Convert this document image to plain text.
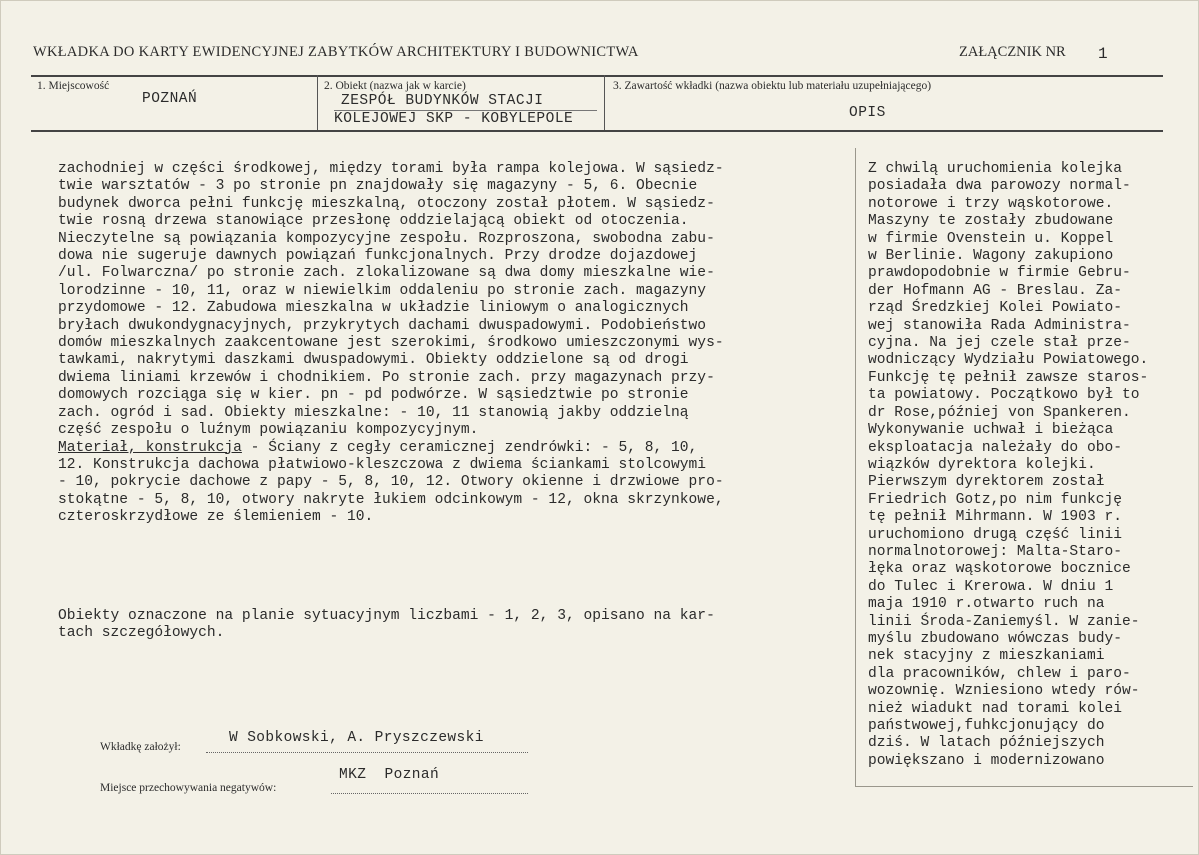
WKŁADKA DO KARTY EWIDENCYJNEJ ZABYTKÓW ARCHITEKTURY I BUDOWNICTWA	ZAŁĄCZNIK NR 1
1. Miejscowość
POZNAŃ
2. Obiekt (nazwa jak w karcie)
ZESPÓŁ BUDYNKÓW STACJI
KOLEJOWEJ SKP - KOBYLEPOLE
3. Zawartość wkładki (nazwa obiektu lub materiału uzupełniającego)
OPIS
zachodniej w części środkowej, między torami była rampa kolejowa. W sąsiedz-
twie warsztatów - 3 po stronie pn znajdowały się magazyny - 5, 6. Obecnie
budynek dworca pełni funkcję mieszkalną, otoczony został płotem. W sąsiedz-
twie rosną drzewa stanowiące przesłonę oddzielającą obiekt od otoczenia.
Nieczytelne są powiązania kompozycyjne zespołu. Rozproszona, swobodna zabu-
dowa nie sugeruje dawnych powiązań funkcjonalnych. Przy drodze dojazdowej
/ul. Folwarczna/ po stronie zach. zlokalizowane są dwa domy mieszkalne wie-
lorodzinne - 10, 11, oraz w niewielkim oddaleniu po stronie zach. magazyny
przydomowe - 12. Zabudowa mieszkalna w układzie liniowym o analogicznych
bryłach dwukondygnacyjnych, przykrytych dachami dwuspadowymi. Podobieństwo
domów mieszkalnych zaakcentowane jest szerokimi, środkowo umieszczonymi wys-
tawkami, nakrytymi daszkami dwuspadowymi. Obiekty oddzielone są od drogi
dwiema liniami krzewów i chodnikiem. Po stronie zach. przy magazynach przy-
domowych rozciąga się w kier. pn - pd podwórze. W sąsiedztwie po stronie
zach. ogród i sad. Obiekty mieszkalne: - 10, 11 stanowią jakby oddzielną
część zespołu o luźnym powiązaniu kompozycyjnym.
Materiał, konstrukcja - Ściany z cegły ceramicznej zendrówki: - 5, 8, 10,
12. Konstrukcja dachowa płatwiowo-kleszczowa z dwiema ściankami stolcowymi
- 10, pokrycie dachowe z papy - 5, 8, 10, 12. Otwory okienne i drzwiowe pro-
stokątne - 5, 8, 10, otwory nakryte łukiem odcinkowym - 12, okna skrzynkowe,
czteroskrzydłowe ze ślemieniem - 10.
Obiekty oznaczone na planie sytuacyjnym liczbami - 1, 2, 3, opisano na kar-
tach szczegółowych.
Z chwilą uruchomienia kolejka
posiadała dwa parowozy normal-
notorowe i trzy wąskotorowe.
Maszyny te zostały zbudowane
w firmie Ovenstein u. Koppel
w Berlinie. Wagony zakupiono
prawdopodobnie w firmie Gebru-
der Hofmann AG - Breslau. Za-
rząd Średzkiej Kolei Powiato-
wej stanowiła Rada Administra-
cyjna. Na jej czele stał prze-
wodniczący Wydziału Powiatowego.
Funkcję tę pełnił zawsze staros-
ta powiatowy. Początkowo był to
dr Rose,później von Spankeren.
Wykonywanie uchwał i bieżąca
eksploatacja należały do obo-
wiązków dyrektora kolejki.
Pierwszym dyrektorem został
Friedrich Gotz,po nim funkcję
tę pełnił Mihrmann. W 1903 r.
uruchomiono drugą część linii
normalnotorowej: Malta-Staro-
łęka oraz wąskotorowe bocznice
do Tulec i Krerowa. W dniu 1
maja 1910 r.otwarto ruch na
linii Środa-Zaniemyśl. W zanie-
myślu zbudowano wówczas budy-
nek stacyjny z mieszkaniami
dla pracowników, chlew i paro-
wozownię. Wzniesiono wtedy rów-
nież wiadukt nad torami kolei
państwowej,fuhkcjonujący do
dziś. W latach późniejszych
powiększano i modernizowano
Wkładkę założył:
W Sobkowski, A. Pryszczewski
Miejsce przechowywania negatywów:
MKZ  Poznań
